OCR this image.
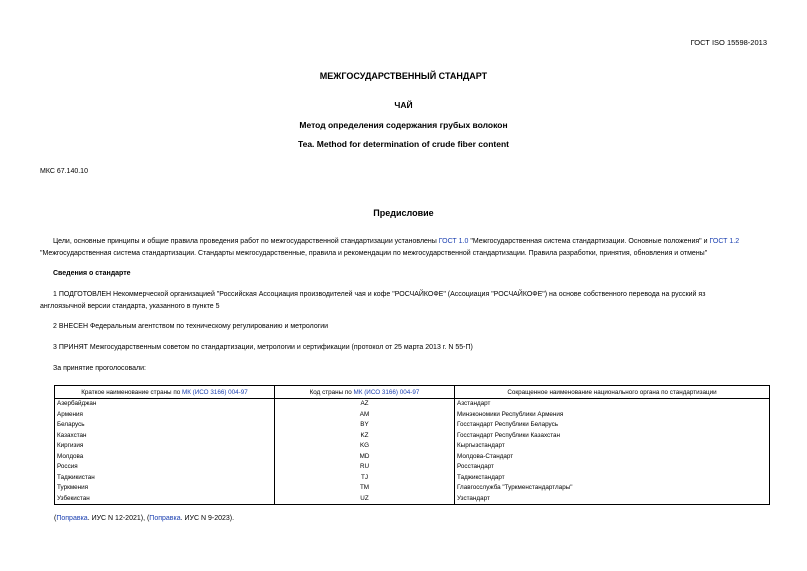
ГОСТ ISO 15598-2013
МЕЖГОСУДАРСТВЕННЫЙ СТАНДАРТ
ЧАЙ
Метод определения содержания грубых волокон
Tea. Method for determination of crude fiber content
МКС 67.140.10
Предисловие
Цели, основные принципы и общие правила проведения работ по межгосударственной стандартизации установлены ГОСТ 1.0 "Межгосударственная система стандартизации. Основные положения" и ГОСТ 1.2
"Межгосударственная система стандартизации. Стандарты межгосударственные, правила и рекомендации по межгосударственной стандартизации. Правила разработки, принятия, обновления и отмены"
Сведения о стандарте
1 ПОДГОТОВЛЕН Некоммерческой организацией "Российская Ассоциация производителей чая и кофе "РОСЧАЙКОФЕ" (Ассоциация "РОСЧАЙКОФЕ") на основе собственного перевода на русский яз
англоязычной версии стандарта, указанного в пункте 5
2 ВНЕСЕН Федеральным агентством по техническому регулированию и метрологии
3 ПРИНЯТ Межгосударственным советом по стандартизации, метрологии и сертификации (протокол от 25 марта 2013 г. N 55-П)
За принятие проголосовали:
Краткое наименование страны по МК (ИСО 3166) 004-97	Код страны по МК (ИСО 3166) 004-97	Сокращенное наименование национального органа по стандартизации
Азербайджан	AZ	Азстандарт
Армения	AM	Минэкономики Республики Армения
Беларусь	BY	Госстандарт Республики Беларусь
Казахстан	KZ	Госстандарт Республики Казахстан
Киргизия	KG	Кыргызстандарт
Молдова	MD	Молдова-Стандарт
Россия	RU	Росстандарт
Таджикистан	TJ	Таджикстандарт
Туркмения	TM	Главгосслужба "Туркменстандартлары"
Узбекистан	UZ	Узстандарт
(Поправка. ИУС N 12-2021), (Поправка. ИУС N 9-2023).
